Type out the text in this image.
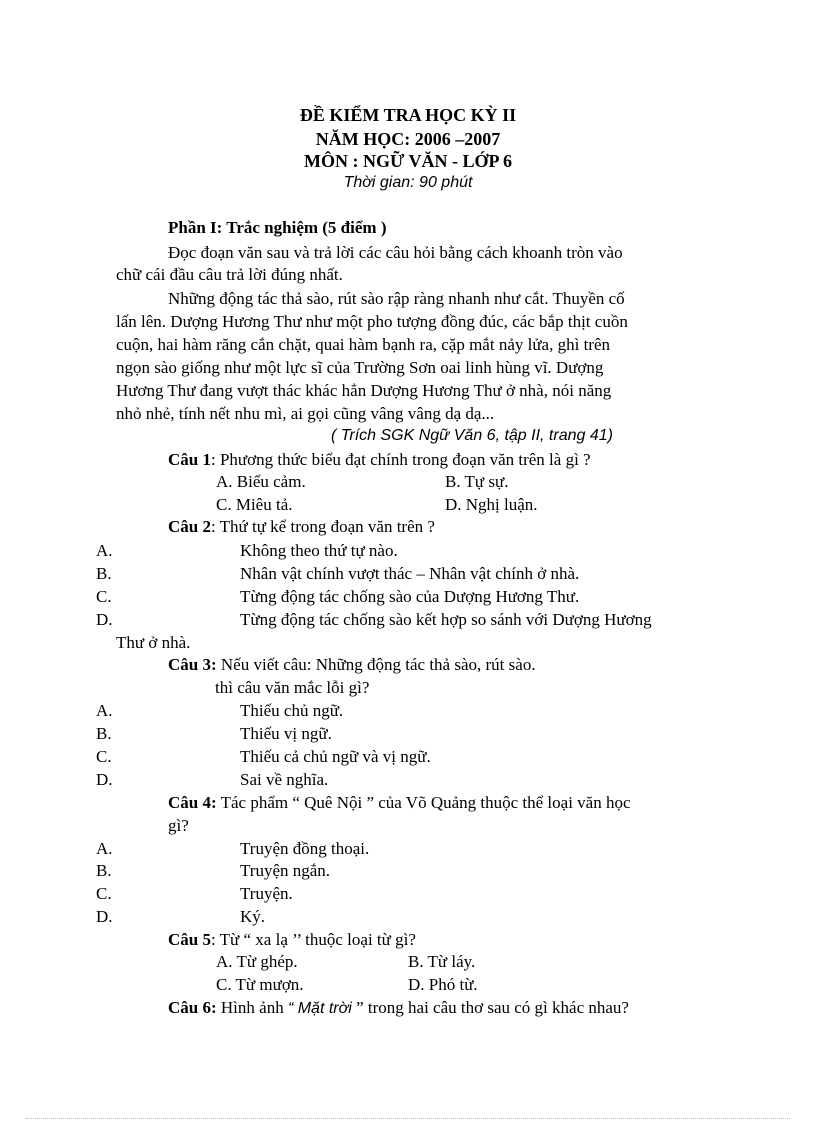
ĐỀ KIỂM TRA HỌC KỲ II
NĂM HỌC: 2006 –2007
MÔN : NGỮ VĂN - LỚP 6
Thời gian: 90 phút
Phần I: Trắc nghiệm (5 điểm )
Đọc đoạn văn sau và trả lời các câu hỏi bằng cách khoanh tròn vào
chữ cái đầu câu trả lời đúng nhất.
Những động tác thả sào, rút sào rập ràng nhanh như cắt. Thuyền cố
lấn lên. Dượng Hương Thư như một pho tượng đồng đúc, các bắp thịt cuồn
cuộn, hai hàm răng cắn chặt, quai hàm bạnh ra, cặp mắt nảy lửa, ghì trên
ngọn sào giống như một lực sĩ của Trường Sơn oai linh hùng vĩ. Dượng
Hương Thư đang vượt thác khác hẳn Dượng Hương Thư ở nhà, nói năng
nhỏ nhẻ, tính nết nhu mì, ai gọi cũng vâng vâng dạ dạ...
( Trích SGK Ngữ Văn 6, tập II, trang 41)
Câu 1: Phương thức biểu đạt chính trong đoạn văn trên là gì ?
A. Biểu cảm.	B. Tự sự.
C. Miêu tả.	D. Nghị luận.
Câu 2: Thứ tự kể trong đoạn văn trên ?
A.	Không theo thứ tự nào.
B.	Nhân vật chính vượt thác – Nhân vật chính ở nhà.
C.	Từng động tác chống sào của Dượng Hương Thư.
D.	Từng động tác chống sào kết hợp so sánh với Dượng Hương
Thư ở nhà.
Câu 3: Nếu viết câu: Những động tác thả sào, rút sào.
thì câu văn mắc lỗi gì?
A.	Thiếu chủ ngữ.
B.	Thiếu vị ngữ.
C.	Thiếu cả chủ ngữ và vị ngữ.
D.	Sai về nghĩa.
Câu 4: Tác phẩm “ Quê Nội ” của Võ Quảng thuộc thể loại văn học
gì?
A.	Truyện đồng thoại.
B.	Truyện ngắn.
C.	Truyện.
D.	Ký.
Câu 5: Từ “ xa lạ ’’ thuộc loại từ gì?
A. Từ ghép.	B. Từ láy.
C. Từ mượn.	D. Phó từ.
Câu 6: Hình ảnh “ Mặt trời ” trong hai câu thơ sau có gì khác nhau?
